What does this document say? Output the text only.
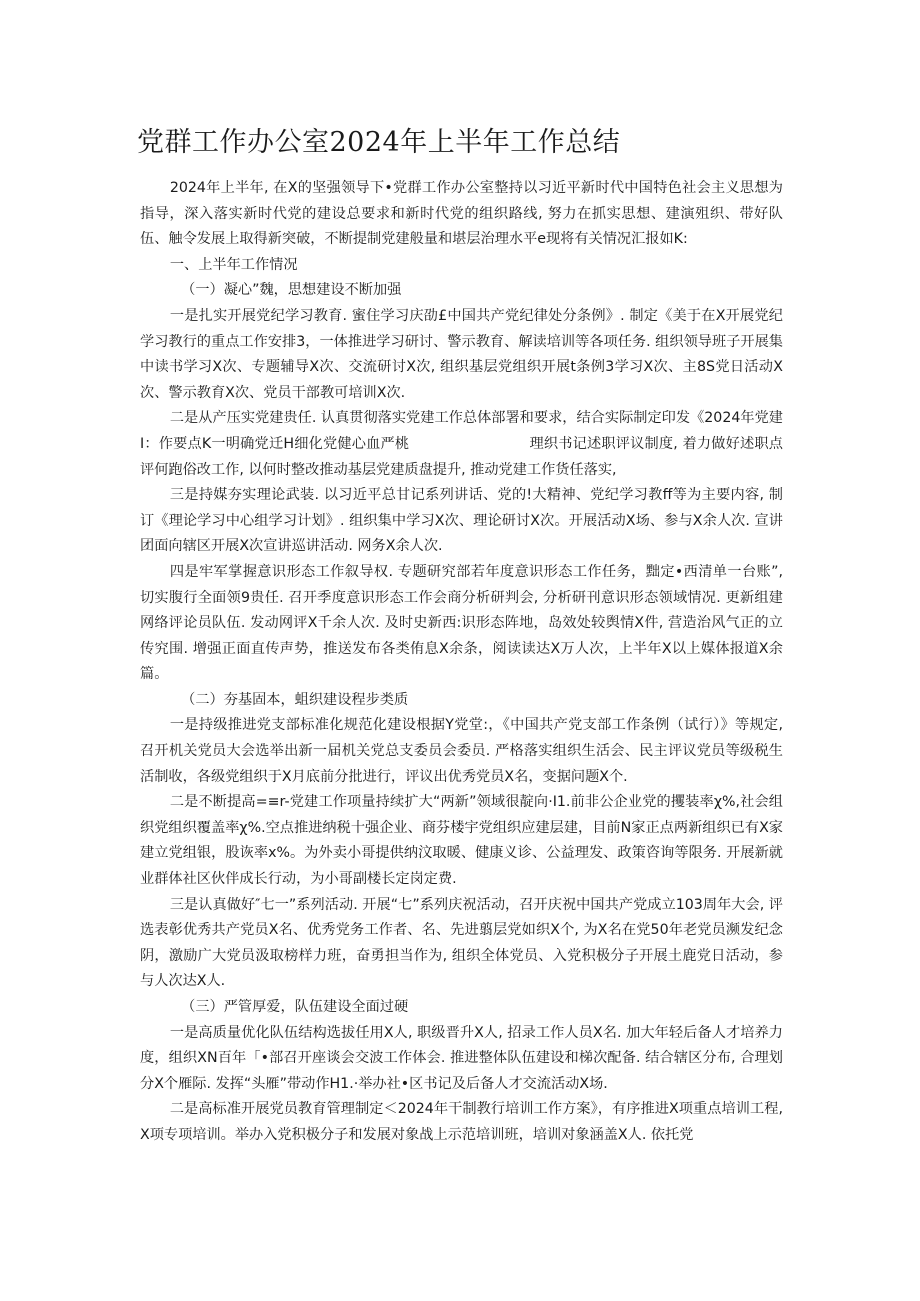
党群工作办公室2024年上半年工作总结

2024年上半年, 在X的坚强领导下•党群工作办公室整持以习近平新时代中国特色社会主义思想为指导，深入落实新时代党的建设总要求和新时代党的组织路线, 努力在抓实思想、建演殂织、带好队伍、触令发展上取得新突破，不断提制党建般量和堪层治理水平e现将有关情况汇报如K:

一、上半年工作情况

（一）凝心”魏，思想建设不断加强

一是扎实开展党纪学习教育. 蜜住学习庆劭£中国共产党纪律处分条例》. 制定《美于在X开展党纪学习教行的重点工作安排3，一体推进学习研讨、警示教育、解读培训等各项任务. 组织领导班子开展集中读书学习X次、专题辅导X次、交流研讨X次, 组织基层党组织开展t条例3学习X次、主8S党日活动X次、警示教育X次、党员干部教可培训X次.

二是从产压实党建贵任. 认真贯彻落实党建工作总体部署和要求，结合实际制定印发《2024年党建I：作要点K一明确党迁H细化党健心血严桃	理织书记述职评议制度, 着力做好述职点评何跑俗改工作, 以何时整改推动基层党建质盘提升, 推动党建工作货任落实,

三是持媒夯实理论武装. 以习近平总甘记系列讲话、党的!大精神、党纪学习教ff等为主要内容, 制订《理论学习中心组学习计划》. 组织集中学习X次、理论研讨X次。开展活动X场、参与X余人次. 宣讲团面向辖区开展X次宣讲巡讲活动. 网务X余人次.

四是牢军掌握意识形态工作叙导权. 专题研究部若年度意识形态工作任务，黜定•西清单一台账”, 切实腹行全面领9贵任. 召开季度意识形态工作会商分析研判会, 分析研刊意识形态领域情况. 更新组建网络评论员队伍. 发动网评X千余人次. 及时史新西:识形态阵地，岛效处较舆情X件, 营造治风气正的立传究围. 增强正面直传声势，推送发布各类侑息X余条，阅读读达X万人次，上半年X以上媒体报道X余篇。

（二）夯基固本，蛆织建设程步类质

一是持级推进党支部标准化规范化建设根据Y党堂:，《中国共产党支部工作条例（试行）》等规定, 召开机关党员大会选举出新一届机关党总支委员会委员. 严格落实组织生活会、民主评议党员等级税生活制收，各级党组织于X月底前分批进行，评议出优秀党员X名，变据问题X个.

二是不断提高=≡r-党建工作项量持续扩大“两新”领域很靛向·I1.前非公企业党的攫装率χ%,社会组织党组织覆盖率χ%.空点推进纳税十强企业、商芬楼宇党组织应建层建，目前N家正点两新组织已有X家建立党组银，股诙率x%。为外卖小哥提供纳汶取暖、健康义诊、公益理发、政策咨询等限务. 开展新就业群体社区伙伴成长行动，为小哥副楼长定岗定费.

三是认真做好″七一”系列活动. 开展“七”系列庆祝活动，召开庆祝中国共产党成立103周年大会, 评选表彰优秀共产党员X名、优秀党务工作者、名、先进翦层党如织X个, 为X名在党50年老党员濒发纪念阴，激励广大党员汲取榜样力班，奋勇担当作为, 组织全体党员、入党积极分子开展土鹿党日活动，参与人次达X人.

（三）严管厚爱，队伍建设全面过硬

一是高质量优化队伍结构选拔任用X人, 职级晋升X人, 招录工作人员X名. 加大年轻后备人才培养力度，组织XN百年「•部召开座谈会交波工作体会. 推进整体队伍建设和梯次配备. 结合辖区分布, 合理划分X个雁际. 发挥“头雁”带动作H1.·举办社•区书记及后备人才交流活动X场.

二是高标准开展党员教育管理制定＜2024年干制教行培训工作方案》，有序推进X项重点培训工程, X项专项培训。举办入党积极分子和发展对象战上示范培训班，培训对象涵盖X人. 依托党
